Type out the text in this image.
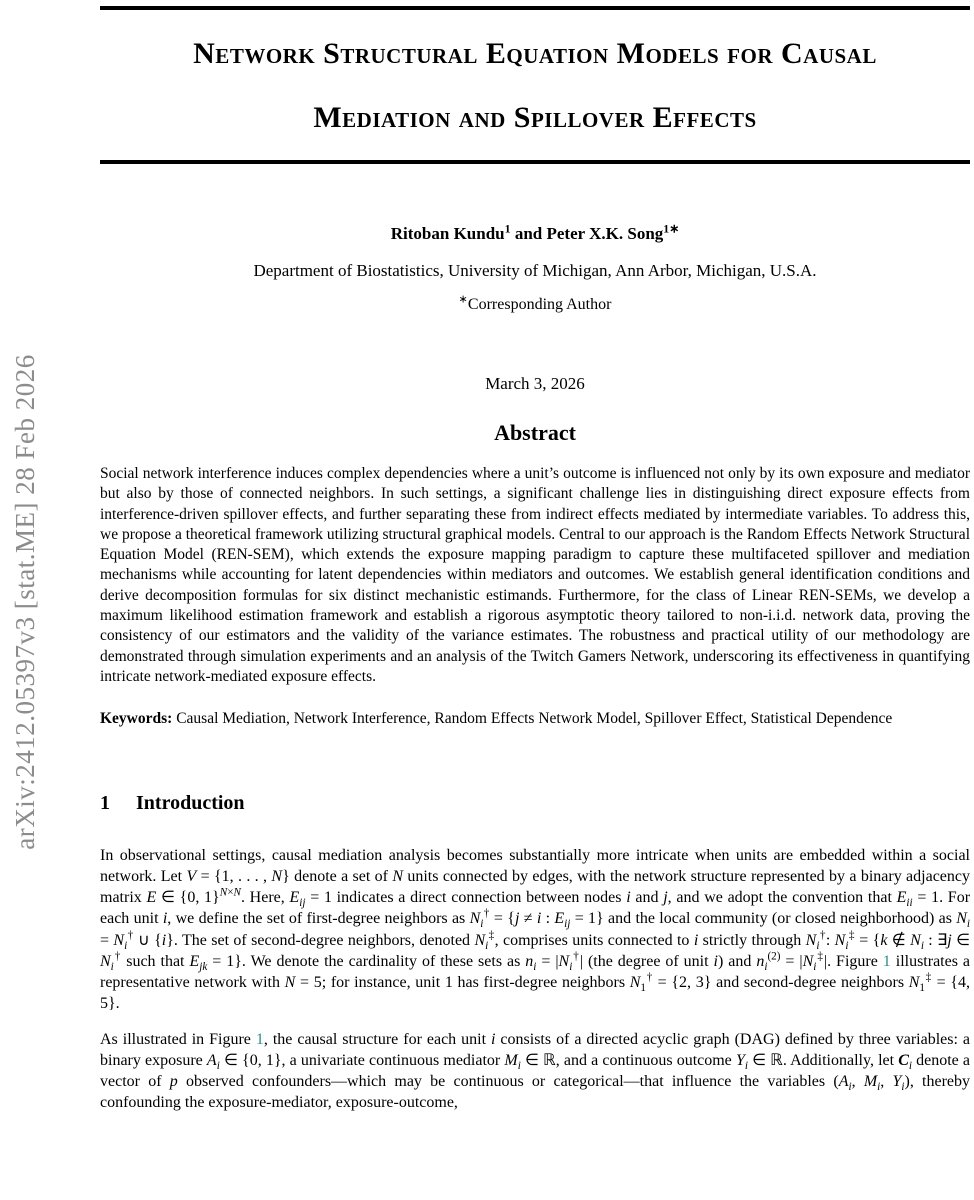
arXiv:2412.05397v3 [stat.ME] 28 Feb 2026
Network Structural Equation Models for Causal
Mediation and Spillover Effects
Ritoban Kundu$^1$ and Peter X.K. Song$^{1∗}$
Department of Biostatistics, University of Michigan, Ann Arbor, Michigan, U.S.A.
∗Corresponding Author
March 3, 2026
Abstract
Social network interference induces complex dependencies where a unit’s outcome is influenced not only by its own exposure and mediator but also by those of connected neighbors. In such settings, a significant challenge lies in distinguishing direct exposure effects from interference-driven spillover effects, and further separating these from indirect effects mediated by intermediate variables. To address this, we propose a theoretical framework utilizing structural graphical models. Central to our approach is the Random Effects Network Structural Equation Model (REN-SEM), which extends the exposure mapping paradigm to capture these multifaceted spillover and mediation mechanisms while accounting for latent dependencies within mediators and outcomes. We establish general identification conditions and derive decomposition formulas for six distinct mechanistic estimands. Furthermore, for the class of Linear REN-SEMs, we develop a maximum likelihood estimation framework and establish a rigorous asymptotic theory tailored to non-i.i.d. network data, proving the consistency of our estimators and the validity of the variance estimates. The robustness and practical utility of our methodology are demonstrated through simulation experiments and an analysis of the Twitch Gamers Network, underscoring its effectiveness in quantifying intricate network-mediated exposure effects.
Keywords: Causal Mediation, Network Interference, Random Effects Network Model, Spillover Effect, Statistical Dependence
1 Introduction
In observational settings, causal mediation analysis becomes substantially more intricate when units are embedded within a social network. Let V = {1, . . . , N} denote a set of N units connected by edges, with the network structure represented by a binary adjacency matrix E ∈ {0, 1}$^{N\times N}$. Here, $E_{ij} = 1$ indicates a direct connection between nodes i and j, and we adopt the convention that $E_{ii} = 1$. For each unit i, we define the set of first-degree neighbors as $N_i^\dagger = \{j \ne i$ : $E_{ij} = 1$} and the local community (or closed neighborhood) as $N_i = N_i^\dagger$ ∪ {i}. The set of second-degree neighbors, denoted $N_i^\ddagger$, comprises units connected to i strictly through $N_i^\dagger$: $N_i^\ddagger = \{k$ ∉ $N_i$ : ∃j ∈ $N_i^\dagger$ such that $E_{jk} = 1$}. We denote the cardinality of these sets as $n_i = |N_i^\dagger|$ (the degree of unit i) and $n_i^{(2)} = |N_i^\ddagger|$. Figure 1 illustrates a representative network with N = 5; for instance, unit 1 has first-degree neighbors $N_1^\dagger = \{2$, 3} and second-degree neighbors $N_1^\ddagger = \{4$, 5}.
As illustrated in Figure 1, the causal structure for each unit i consists of a directed acyclic graph (DAG) defined by three variables: a binary exposure $A_i$ ∈ {0, 1}, a univariate continuous mediator $M_i$ ∈ ℝ, and a continuous outcome $Y_i$ ∈ ℝ. Additionally, let $C_i$ denote a vector of p observed confounders—which may be continuous or categorical—that influence the variables ($A_i$, $M_i$, $Y_i$), thereby confounding the exposure-mediator, exposure-outcome,
